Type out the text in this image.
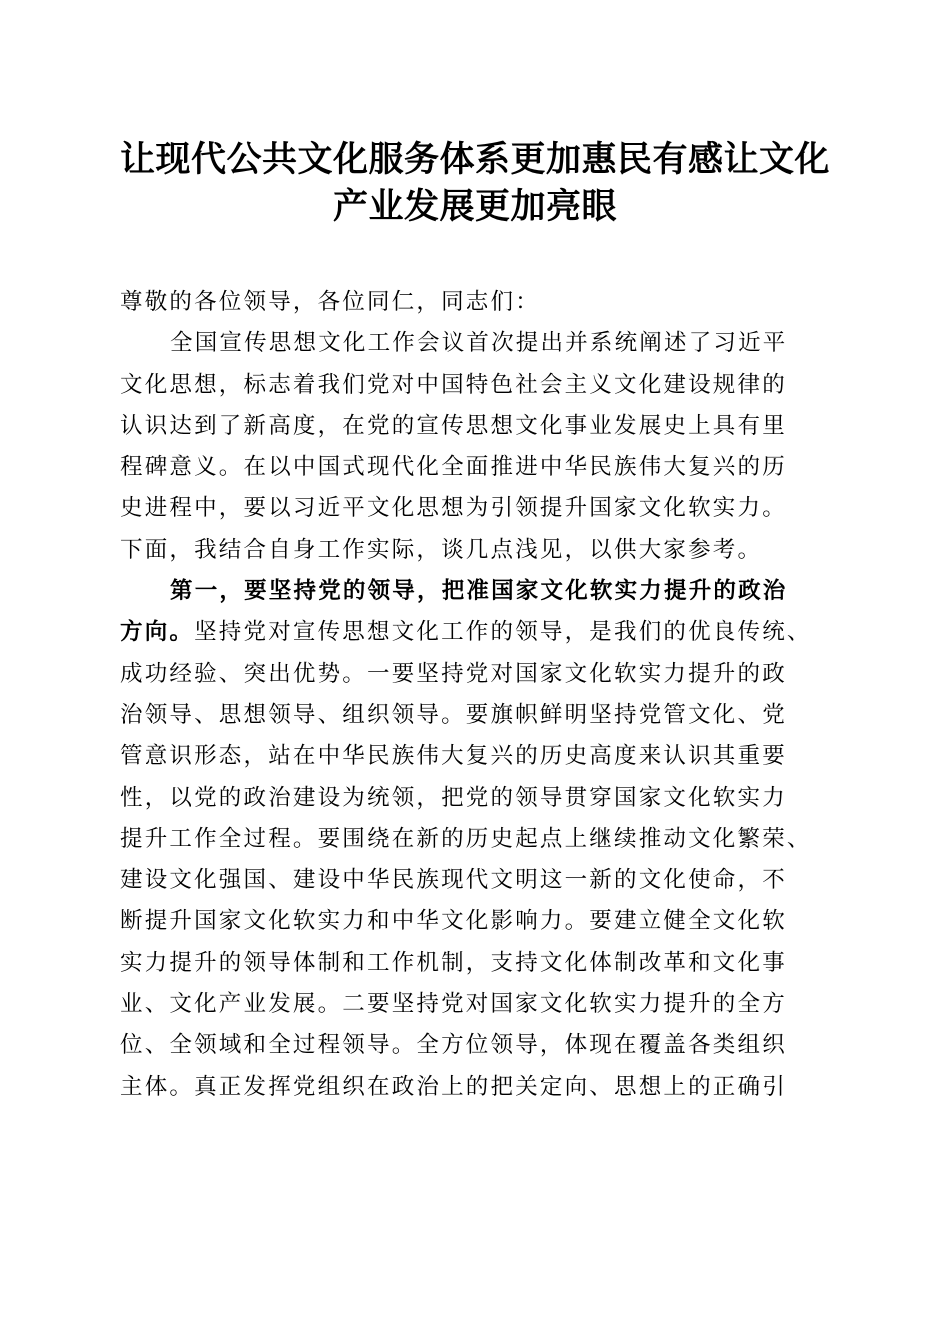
让现代公共文化服务体系更加惠民有感让文化
产业发展更加亮眼
尊敬的各位领导，各位同仁，同志们：
全国宣传思想文化工作会议首次提出并系统阐述了习近平
文化思想，标志着我们党对中国特色社会主义文化建设规律的
认识达到了新高度，在党的宣传思想文化事业发展史上具有里
程碑意义。在以中国式现代化全面推进中华民族伟大复兴的历
史进程中，要以习近平文化思想为引领提升国家文化软实力。
下面，我结合自身工作实际，谈几点浅见，以供大家参考。
第一，要坚持党的领导，把准国家文化软实力提升的政治
方向。坚持党对宣传思想文化工作的领导，是我们的优良传统、
成功经验、突出优势。一要坚持党对国家文化软实力提升的政
治领导、思想领导、组织领导。要旗帜鲜明坚持党管文化、党
管意识形态，站在中华民族伟大复兴的历史高度来认识其重要
性，以党的政治建设为统领，把党的领导贯穿国家文化软实力
提升工作全过程。要围绕在新的历史起点上继续推动文化繁荣、
建设文化强国、建设中华民族现代文明这一新的文化使命，不
断提升国家文化软实力和中华文化影响力。要建立健全文化软
实力提升的领导体制和工作机制，支持文化体制改革和文化事
业、文化产业发展。二要坚持党对国家文化软实力提升的全方
位、全领域和全过程领导。全方位领导，体现在覆盖各类组织
主体。真正发挥党组织在政治上的把关定向、思想上的正确引
